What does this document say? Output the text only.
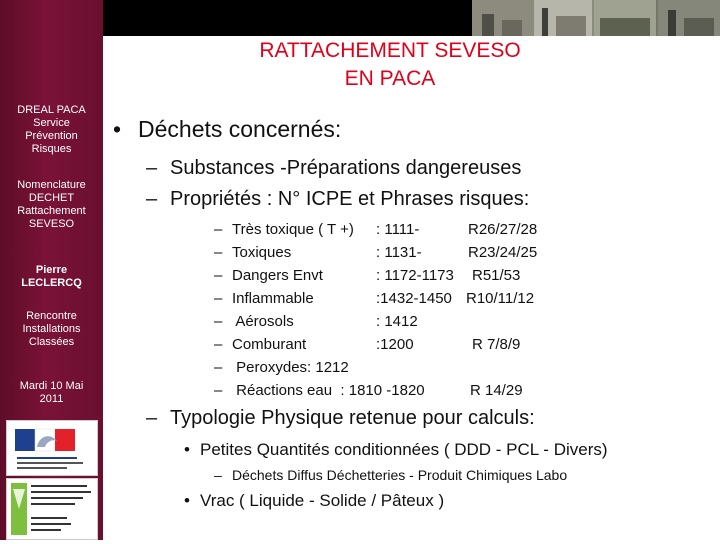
DREAL PACA
Service
Prévention
Risques
Nomenclature
DECHET
Rattachement
SEVESO
Pierre
LECLERCQ
Rencontre
Installations
Classées
Mardi 10 Mai
2011
RATTACHEMENT SEVESO
EN PACA
• Déchets concernés:
– Substances -Préparations dangereuses
– Propriétés : N° ICPE et Phrases risques:
– Très toxique ( T +) : 1111-	R26/27/28
– Toxiques	: 1131-	R23/24/25
– Dangers Envt	: 1172-1173 R51/53
– Inflammable	:1432-1450 R10/11/12
– Aérosols	: 1412
– Comburant	:1200	R 7/8/9
– Peroxydes: 1212
– Réactions eau  : 1810 -1820	R 14/29
– Typologie Physique retenue pour calculs:
• Petites Quantités conditionnées ( DDD - PCL - Divers)
– Déchets Diffus Déchetteries - Produit Chimiques Labo
• Vrac ( Liquide - Solide / Pâteux )
